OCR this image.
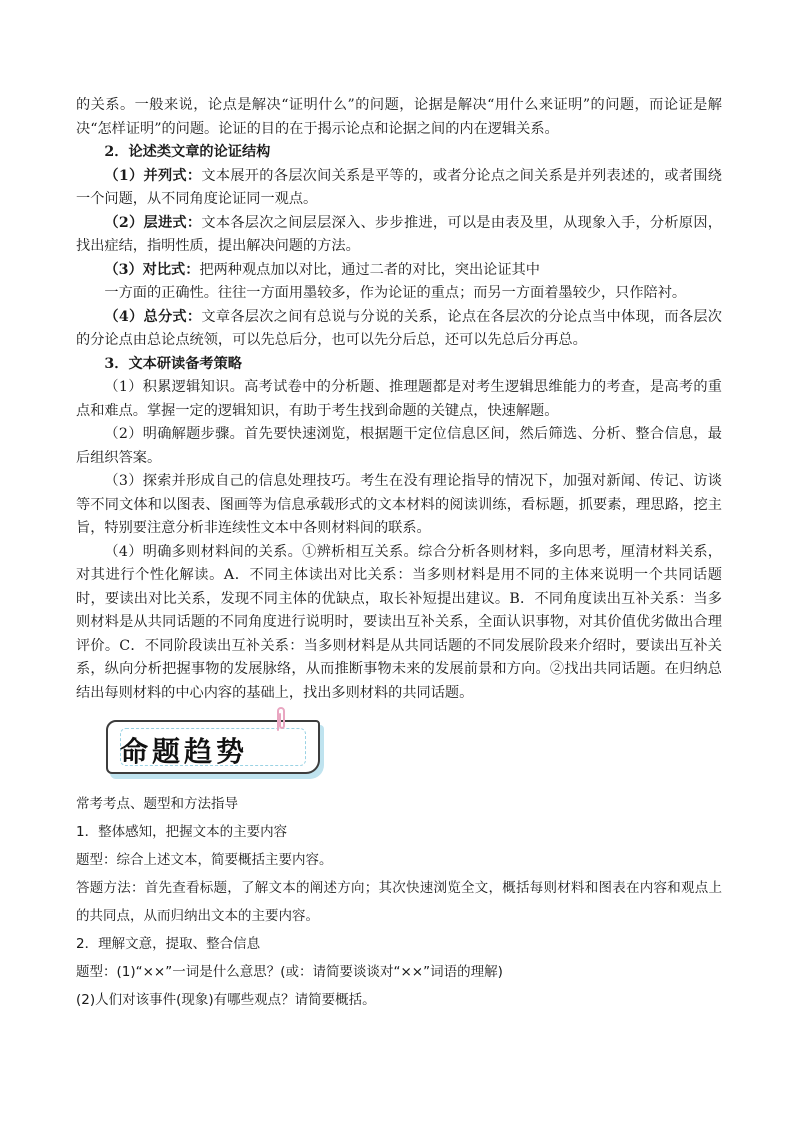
的关系。一般来说，论点是解决“证明什么”的问题，论据是解决“用什么来证明”的问题，而论证是解决“怎样证明”的问题。论证的目的在于揭示论点和论据之间的内在逻辑关系。

2．论述类文章的论证结构

（1）并列式：文本展开的各层次间关系是平等的，或者分论点之间关系是并列表述的，或者围绕一个问题，从不同角度论证同一观点。

（2）层进式：文本各层次之间层层深入、步步推进，可以是由表及里，从现象入手，分析原因，找出症结，指明性质，提出解决问题的方法。

（3）对比式：把两种观点加以对比，通过二者的对比，突出论证其中

一方面的正确性。往往一方面用墨较多，作为论证的重点；而另一方面着墨较少，只作陪衬。

（4）总分式：文章各层次之间有总说与分说的关系，论点在各层次的分论点当中体现，而各层次的分论点由总论点统领，可以先总后分，也可以先分后总，还可以先总后分再总。

3．文本研读备考策略

（1）积累逻辑知识。高考试卷中的分析题、推理题都是对考生逻辑思维能力的考查，是高考的重点和难点。掌握一定的逻辑知识，有助于考生找到命题的关键点，快速解题。

（2）明确解题步骤。首先要快速浏览，根据题干定位信息区间，然后筛选、分析、整合信息，最后组织答案。

（3）探索并形成自己的信息处理技巧。考生在没有理论指导的情况下，加强对新闻、传记、访谈等不同文体和以图表、图画等为信息承载形式的文本材料的阅读训练，看标题，抓要素，理思路，挖主旨，特别要注意分析非连续性文本中各则材料间的联系。

（4）明确多则材料间的关系。①辨析相互关系。综合分析各则材料，多向思考，厘清材料关系，对其进行个性化解读。A．不同主体读出对比关系：当多则材料是用不同的主体来说明一个共同话题时，要读出对比关系，发现不同主体的优缺点，取长补短提出建议。B．不同角度读出互补关系：当多则材料是从共同话题的不同角度进行说明时，要读出互补关系，全面认识事物，对其价值优劣做出合理评价。C．不同阶段读出互补关系：当多则材料是从共同话题的不同发展阶段来介绍时，要读出互补关系，纵向分析把握事物的发展脉络，从而推断事物未来的发展前景和方向。②找出共同话题。在归纳总结出每则材料的中心内容的基础上，找出多则材料的共同话题。

命题趋势

常考考点、题型和方法指导

1．整体感知，把握文本的主要内容

题型：综合上述文本，简要概括主要内容。

答题方法：首先查看标题，了解文本的阐述方向；其次快速浏览全文，概括每则材料和图表在内容和观点上的共同点，从而归纳出文本的主要内容。

2．理解文意，提取、整合信息

题型：(1)“××”一词是什么意思？(或：请简要谈谈对“××”词语的理解)

(2)人们对该事件(现象)有哪些观点？请简要概括。
